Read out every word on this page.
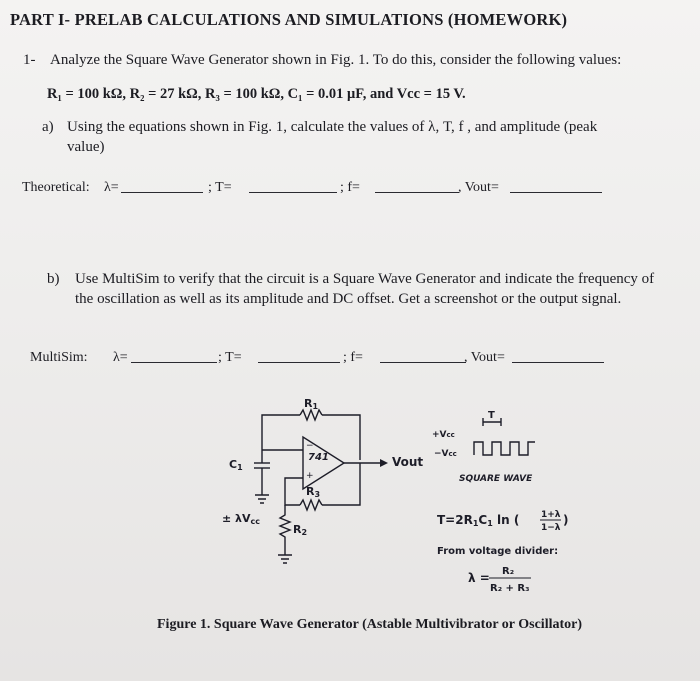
PART I- PRELAB CALCULATIONS AND SIMULATIONS (HOMEWORK)
1- Analyze the Square Wave Generator shown in Fig. 1. To do this, consider the following values:
R₁ = 100 kΩ, R₂ = 27 kΩ, R₃ = 100 kΩ, C₁ = 0.01 μF, and Vcc = 15 V.
a) Using the equations shown in Fig. 1, calculate the values of λ, T, f , and amplitude (peak
value)
Theoretical: λ=	; T=	; f=	, Vout=
b) Use MultiSim to verify that the circuit is a Square Wave Generator and indicate the frequency of
the oscillation as well as its amplitude and DC offset. Get a screenshot or the output signal.
MultiSim: λ=	; T=	; f=	, Vout=
R1
R3
R2
C1
741
−
+
Vout
± λVcc
+Vcc
−Vcc
T
SQUARE WAVE
T=2R1C1 ln ( 1+λ
1−λ
)
From voltage divider:
λ = R₂
R₂ + R₃
Figure 1. Square Wave Generator (Astable Multivibrator or Oscillator)
